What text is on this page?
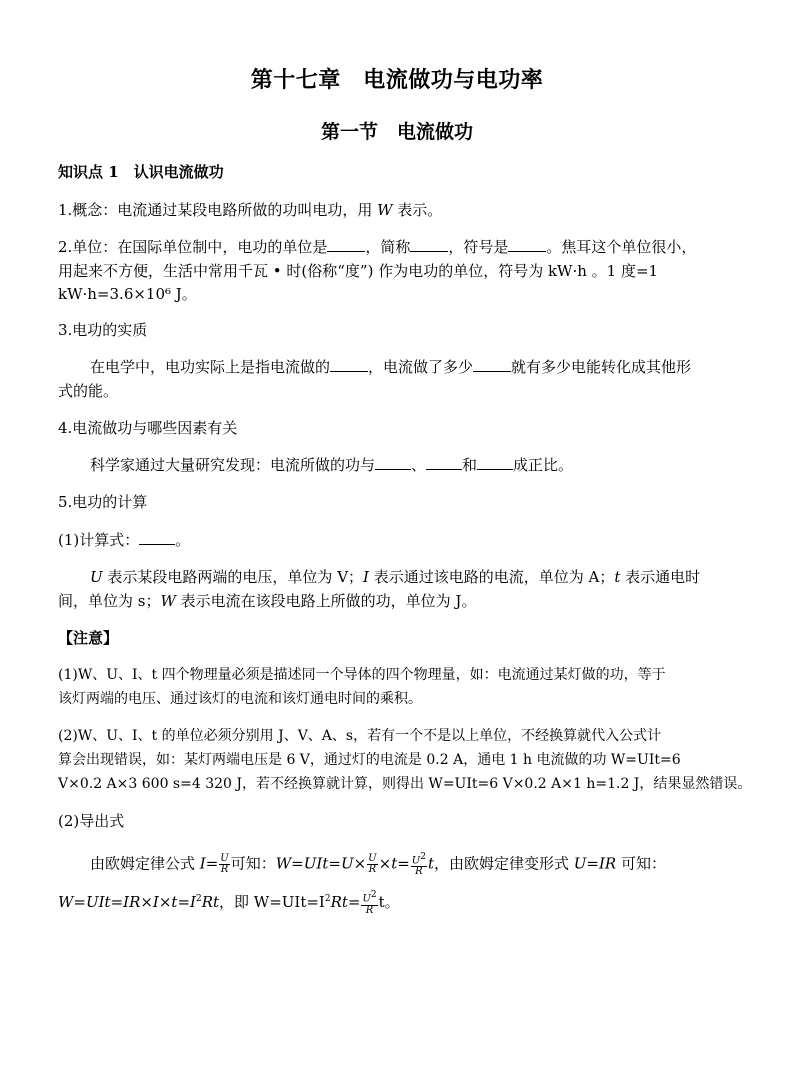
第十七章　电流做功与电功率
第一节　电流做功
知识点 1　认识电流做功
1.概念：电流通过某段电路所做的功叫电功，用 W 表示。
2.单位：在国际单位制中，电功的单位是	，简称	，符号是	。焦耳这个单位很小，
用起来不方便，生活中常用千瓦 • 时(俗称“度”) 作为电功的单位，符号为 kW·h 。1 度=1
kW·h=3.6×10⁶ J。
3.电功的实质
在电学中，电功实际上是指电流做的	，电流做了多少	就有多少电能转化成其他形
式的能。
4.电流做功与哪些因素有关
科学家通过大量研究发现：电流所做的功与 、 和 成正比。
5.电功的计算
(1)计算式： 。
U 表示某段电路两端的电压，单位为 V；I 表示通过该电路的电流，单位为 A；t 表示通电时
间，单位为 s；W 表示电流在该段电路上所做的功，单位为 J。
【注意】
(1)W、U、I、t 四个物理量必须是描述同一个导体的四个物理量，如：电流通过某灯做的功，等于
该灯两端的电压、通过该灯的电流和该灯通电时间的乘积。
(2)W、U、I、t 的单位必须分别用 J、V、A、s，若有一个不是以上单位，不经换算就代入公式计
算会出现错误，如：某灯两端电压是 6 V，通过灯的电流是 0.2 A，通电 1 h 电流做的功 W=UIt=6
V×0.2 A×3 600 s=4 320 J，若不经换算就计算，则得出 W=UIt=6 V×0.2 A×1 h=1.2 J，结果显然错误。
(2)导出式
由欧姆定律公式 $I= \frac{U}{R}$ 可知：$W=UIt=U\times \frac{U}{R} \times t= \frac{U^2}{R}$ t，由欧姆定律变形式 U=IR 可知：
$W=UIt=IR\times I\times t=I^2Rt$，即 $W=UIt=I^2Rt= \frac{U^2}{R}$ t。
